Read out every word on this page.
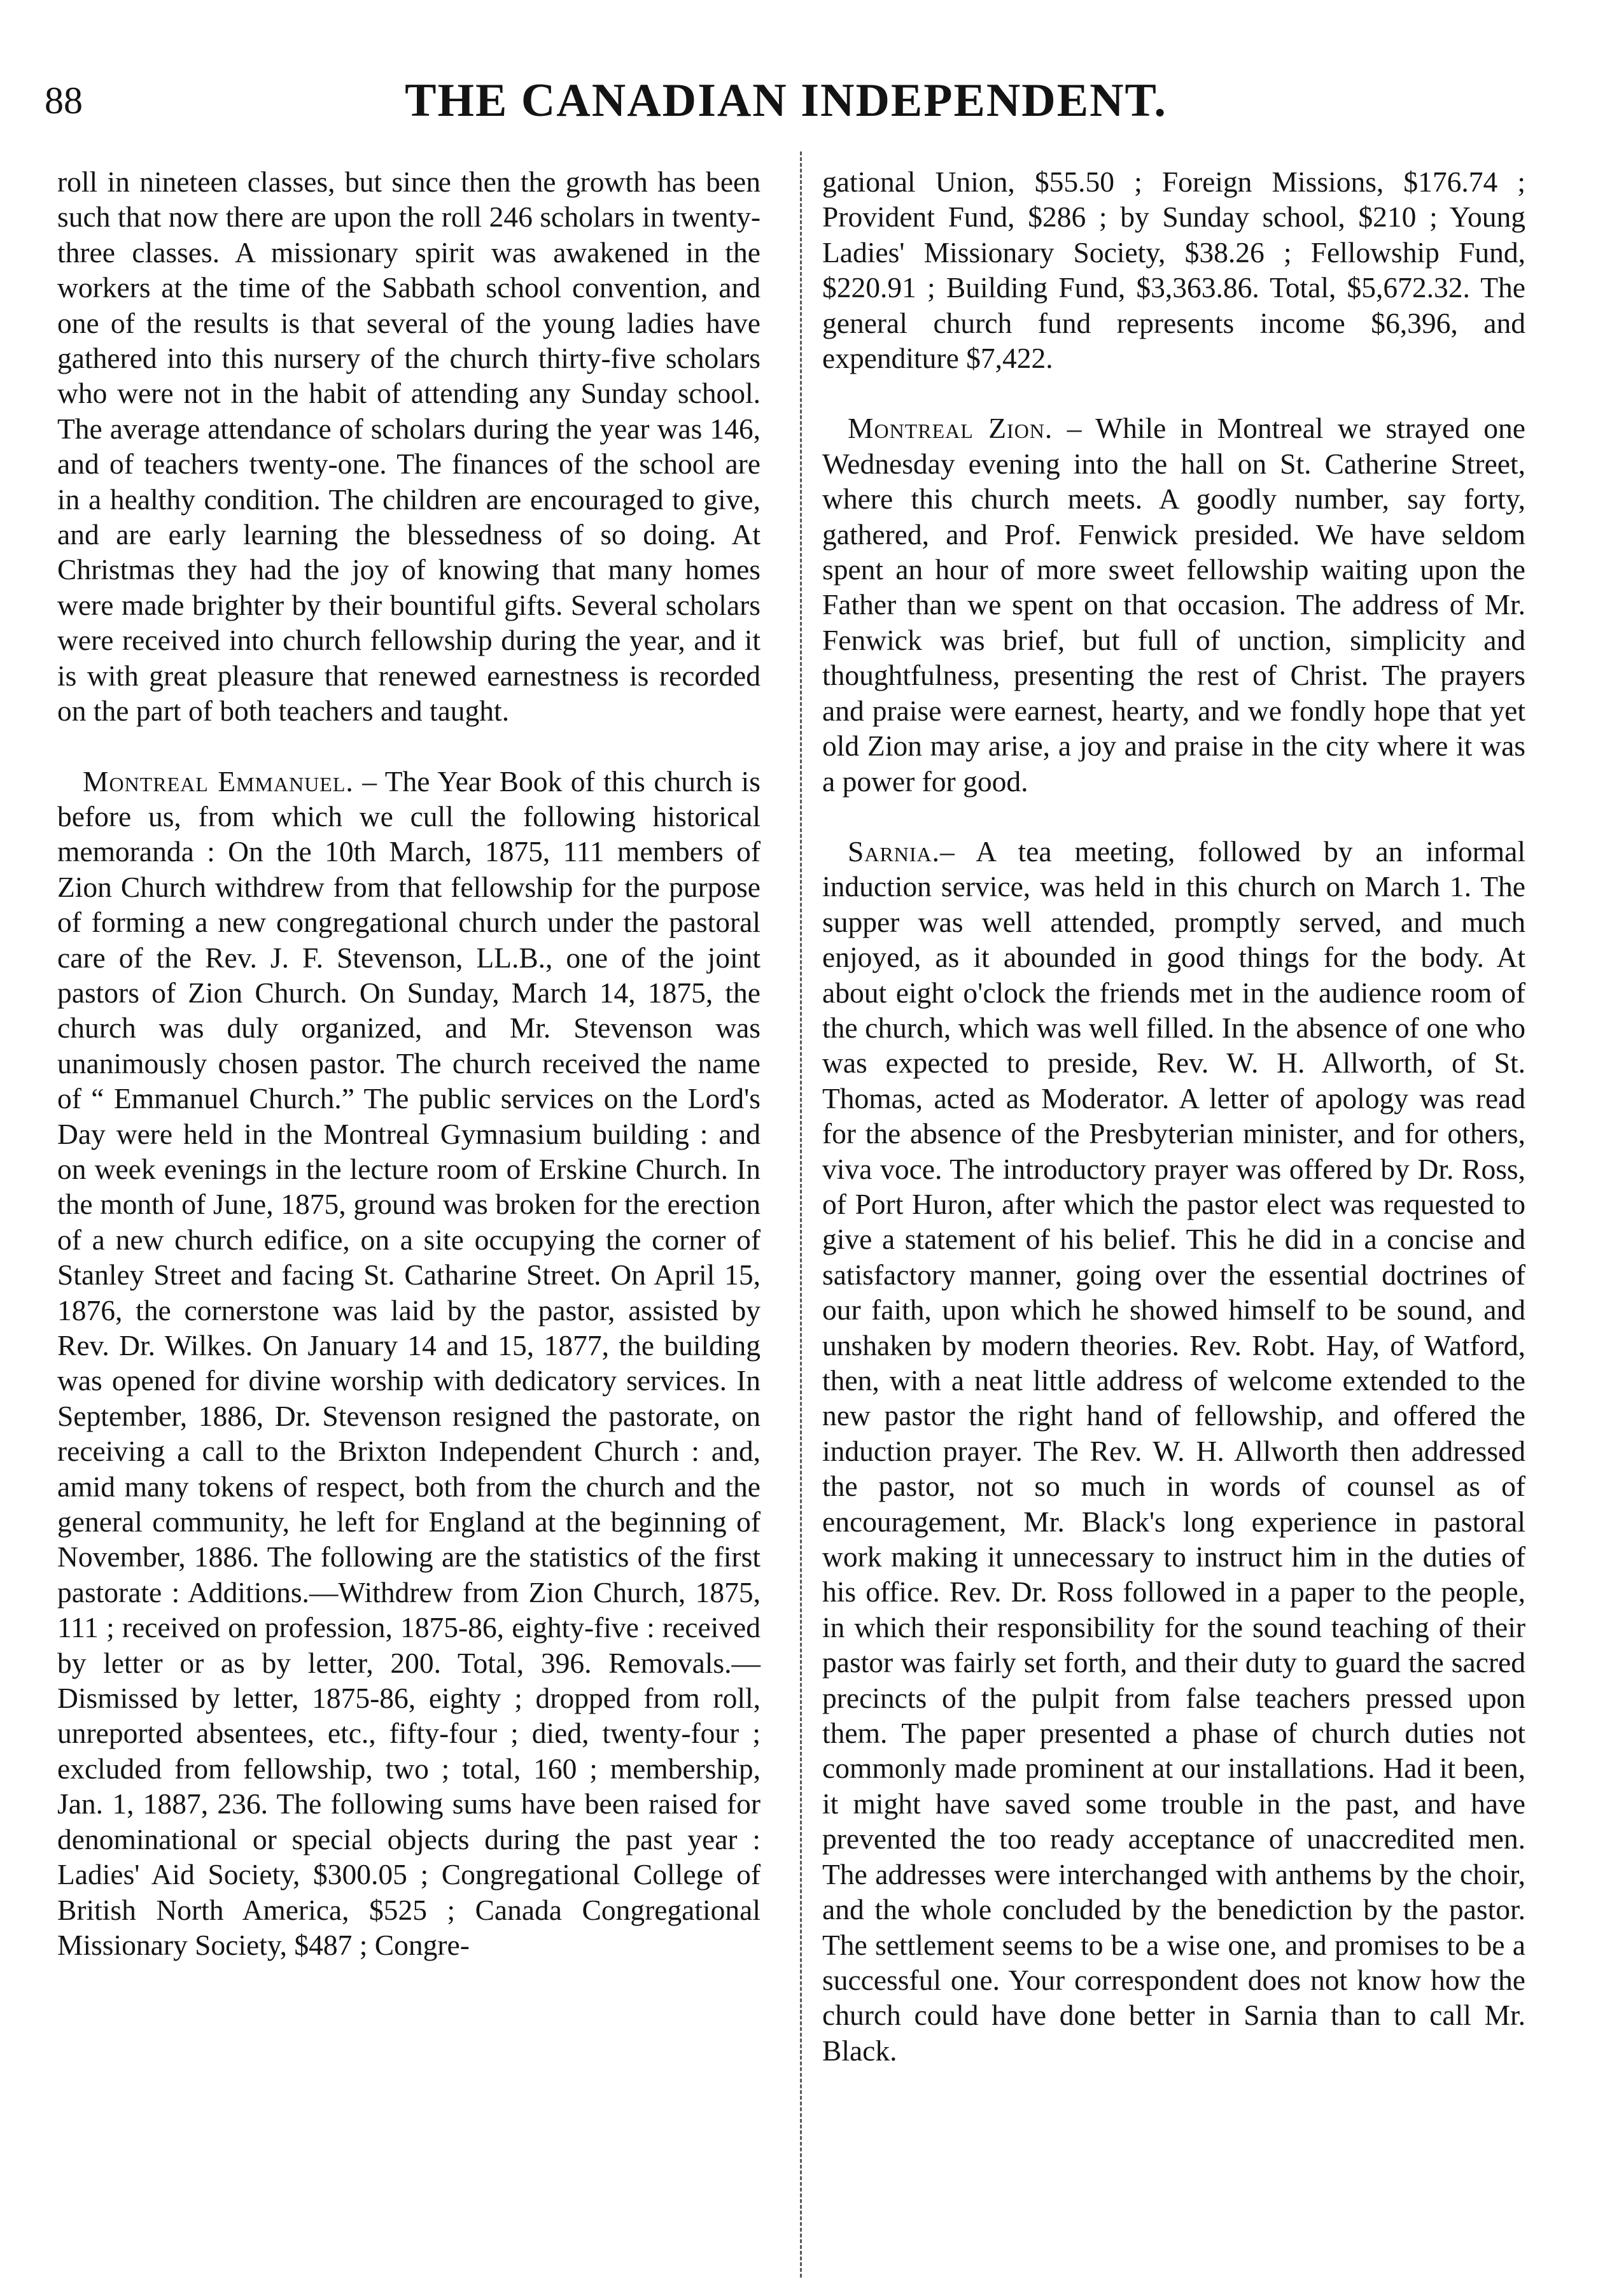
88	THE CANADIAN INDEPENDENT.

roll in nineteen classes, but since then the growth has been such that now there are upon the roll 246 scholars in twenty-three classes. A missionary spirit was awakened in the workers at the time of the Sabbath school convention, and one of the results is that several of the young ladies have gathered into this nursery of the church thirty-five scholars who were not in the habit of attending any Sunday school. The average attendance of scholars during the year was 146, and of teachers twenty-one. The finances of the school are in a healthy condition. The children are encouraged to give, and are early learning the blessedness of so doing. At Christmas they had the joy of knowing that many homes were made brighter by their bountiful gifts. Several scholars were received into church fellowship during the year, and it is with great pleasure that renewed earnestness is recorded on the part of both teachers and taught.

Montreal Emmanuel. – The Year Book of this church is before us, from which we cull the following historical memoranda : On the 10th March, 1875, 111 members of Zion Church withdrew from that fellowship for the purpose of forming a new congregational church under the pastoral care of the Rev. J. F. Stevenson, LL.B., one of the joint pastors of Zion Church. On Sunday, March 14, 1875, the church was duly organized, and Mr. Stevenson was unanimously chosen pastor. The church received the name of “ Emmanuel Church.” The public services on the Lord's Day were held in the Montreal Gymnasium building : and on week evenings in the lecture room of Erskine Church. In the month of June, 1875, ground was broken for the erection of a new church edifice, on a site occupying the corner of Stanley Street and facing St. Catharine Street. On April 15, 1876, the cornerstone was laid by the pastor, assisted by Rev. Dr. Wilkes. On January 14 and 15, 1877, the building was opened for divine worship with dedicatory services. In September, 1886, Dr. Stevenson resigned the pastorate, on receiving a call to the Brixton Independent Church : and, amid many tokens of respect, both from the church and the general community, he left for England at the beginning of November, 1886. The following are the statistics of the first pastorate : Additions.—Withdrew from Zion Church, 1875, 111 ; received on profession, 1875-86, eighty-five : received by letter or as by letter, 200. Total, 396. Removals.—Dismissed by letter, 1875-86, eighty ; dropped from roll, unreported absentees, etc., fifty-four ; died, twenty-four ; excluded from fellowship, two ; total, 160 ; membership, Jan. 1, 1887, 236. The following sums have been raised for denominational or special objects during the past year : Ladies' Aid Society, $300.05 ; Congregational College of British North America, $525 ; Canada Congregational Missionary Society, $487 ; Congre-

gational Union, $55.50 ; Foreign Missions, $176.74 ; Provident Fund, $286 ; by Sunday school, $210 ; Young Ladies' Missionary Society, $38.26 ; Fellowship Fund, $220.91 ; Building Fund, $3,363.86. Total, $5,672.32. The general church fund represents income $6,396, and expenditure $7,422.

Montreal Zion. – While in Montreal we strayed one Wednesday evening into the hall on St. Catherine Street, where this church meets. A goodly number, say forty, gathered, and Prof. Fenwick presided. We have seldom spent an hour of more sweet fellowship waiting upon the Father than we spent on that occasion. The address of Mr. Fenwick was brief, but full of unction, simplicity and thoughtfulness, presenting the rest of Christ. The prayers and praise were earnest, hearty, and we fondly hope that yet old Zion may arise, a joy and praise in the city where it was a power for good.

Sarnia.– A tea meeting, followed by an informal induction service, was held in this church on March 1. The supper was well attended, promptly served, and much enjoyed, as it abounded in good things for the body. At about eight o'clock the friends met in the audience room of the church, which was well filled. In the absence of one who was expected to preside, Rev. W. H. Allworth, of St. Thomas, acted as Moderator. A letter of apology was read for the absence of the Presbyterian minister, and for others, viva voce. The introductory prayer was offered by Dr. Ross, of Port Huron, after which the pastor elect was requested to give a statement of his belief. This he did in a concise and satisfactory manner, going over the essential doctrines of our faith, upon which he showed himself to be sound, and unshaken by modern theories. Rev. Robt. Hay, of Watford, then, with a neat little address of welcome extended to the new pastor the right hand of fellowship, and offered the induction prayer. The Rev. W. H. Allworth then addressed the pastor, not so much in words of counsel as of encouragement, Mr. Black's long experience in pastoral work making it unnecessary to instruct him in the duties of his office. Rev. Dr. Ross followed in a paper to the people, in which their responsibility for the sound teaching of their pastor was fairly set forth, and their duty to guard the sacred precincts of the pulpit from false teachers pressed upon them. The paper presented a phase of church duties not commonly made prominent at our installations. Had it been, it might have saved some trouble in the past, and have prevented the too ready acceptance of unaccredited men. The addresses were interchanged with anthems by the choir, and the whole concluded by the benediction by the pastor. The settlement seems to be a wise one, and promises to be a successful one. Your correspondent does not know how the church could have done better in Sarnia than to call Mr. Black.
